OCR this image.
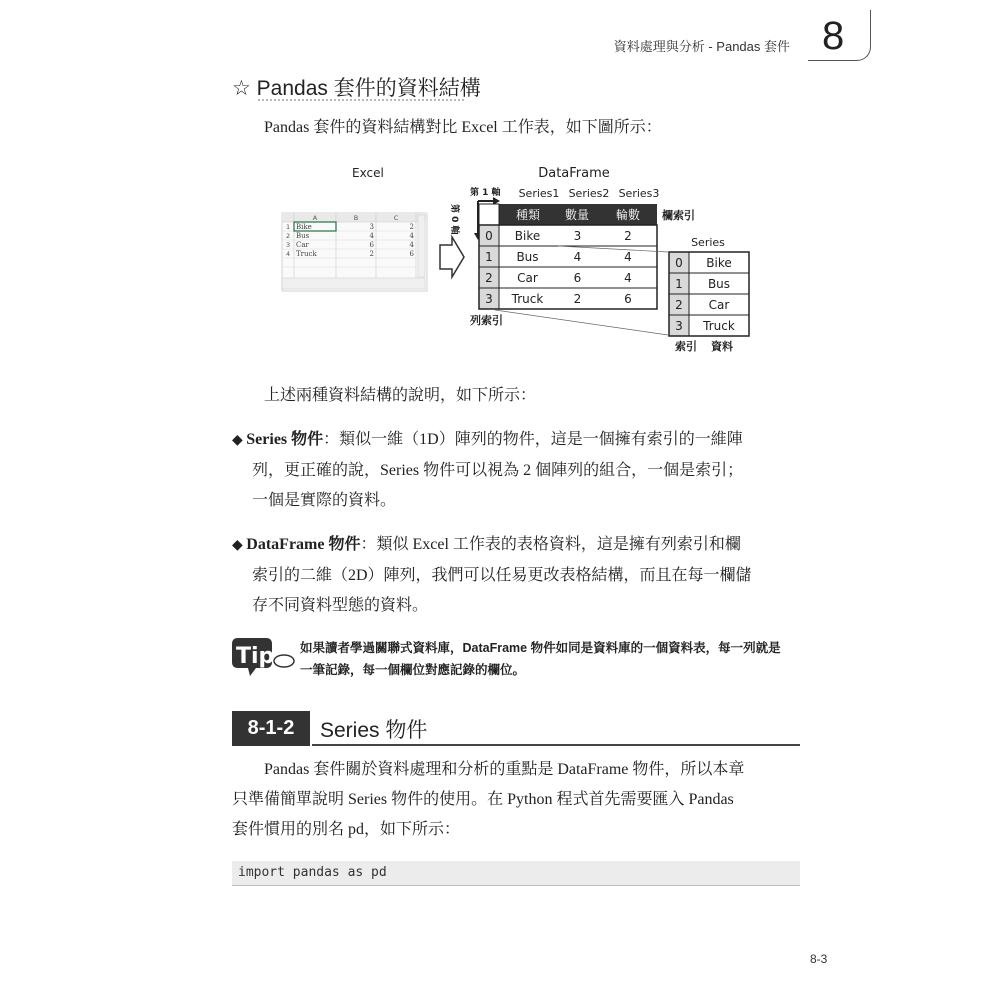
資料處理與分析 - Pandas 套件 8
☆ Pandas 套件的資料結構
Pandas 套件的資料結構對比 Excel 工作表，如下圖所示：
Excel	DataFrame
A	B	C
1 Bike	3	2
2 Bus	4	4
3 Car	6	4
4 Truck	2	6
第 1 軸
第 0 軸
Series1 Series2 Series3
種類 數量 輪數 欄索引
0 Bike	3	2
1 Bus	4	4
2 Car	6	4
3 Truck	2	6
列索引
Series
0 Bike
1 Bus
2 Car
3 Truck
索引 資料
上述兩種資料結構的說明，如下所示：
◆ Series 物件：類似一維（1D）陣列的物件，這是一個擁有索引的一維陣
列，更正確的說，Series 物件可以視為 2 個陣列的組合，一個是索引；
一個是實際的資料。
◆ DataFrame 物件：類似 Excel 工作表的表格資料，這是擁有列索引和欄
索引的二維（2D）陣列，我們可以任易更改表格結構，而且在每一欄儲
存不同資料型態的資料。
Tip 如果讀者學過關聯式資料庫，DataFrame 物件如同是資料庫的一個資料表，每一列就是
一筆記錄，每一個欄位對應記錄的欄位。
8-1-2	Series 物件
Pandas 套件關於資料處理和分析的重點是 DataFrame 物件，所以本章
只準備簡單說明 Series 物件的使用。在 Python 程式首先需要匯入 Pandas
套件慣用的別名 pd，如下所示：
import pandas as pd
8-3
